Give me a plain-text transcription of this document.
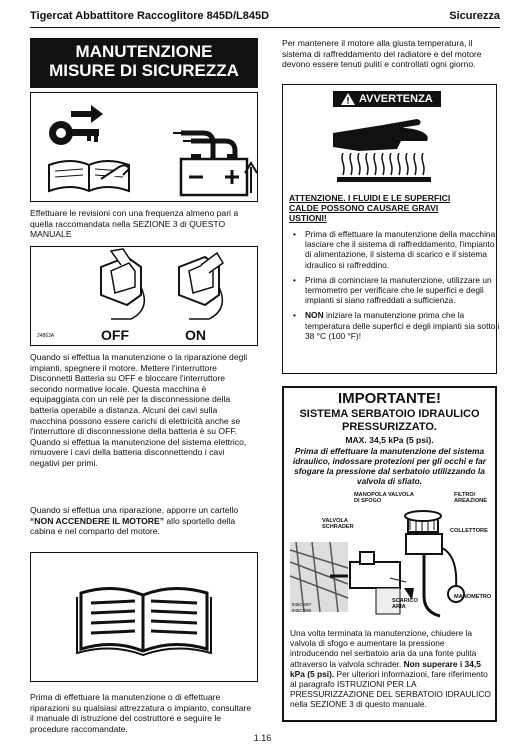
Tigercat Abbattitore Raccoglitore 845D/L845D	Sicurezza
MANUTENZIONE
MISURE DI SICUREZZA
Effettuare le revisioni con una frequenza almeno pari a quella raccomandata nella SEZIONE 3 di QUESTO MANUALE
24863A	OFF	ON
Quando si effettua la manutenzione o la riparazione degli impianti, spegnere il motore. Mettere l'interruttore Disconnetti Batteria su OFF e bloccare l'interruttore secondo normative locale. Questa macchina è equipaggiata con un relè per la disconnessione della batteria operabile a distanza. Alcuni dei cavi sulla macchina possono essere carichi di elettricità anche se l'interruttore di disconnessione della batteria è su OFF. Quando si effettua la manutenzione del sistema elettrico, rimuovere i cavi della batteria disconnettendo i cavi negativi per primi.
Quando si effettua una riparazione, apporre un cartello “NON ACCENDERE IL MOTORE” allo sportello della cabina e nel comparto del motore.
Prima di effettuare la manutenzione o di effettuare riparazioni su qualsiasi attrezzatura o impianto, consultare il manuale di istruzione del costruttore e seguire le procedure raccomandate.
Per mantenere il motore alla giusta temperatura, il sistema di raffreddamento del radiatore e del motore devono essere tenuti puliti e controllati ogni giorno.
AVVERTENZA
ATTENZIONE. I FLUIDI E LE SUPERFICI CALDE POSSONO CAUSARE GRAVI USTIONI!
• Prima di effettuare la manutenzione della macchina, lasciare che il sistema di raffreddamento, l'impianto di alimentazione, il sistema di scarico e il sistema idraulico si raffreddino.
• Prima di cominciare la manutenzione, utilizzare un termometro per verificare che le superfici e degli impianti si siano raffreddati a sufficienza.
• NON iniziare la manutenzione prima che la temperatura delle superfici e degli impianti sia sotto i 38 °C (100 °F)!
IMPORTANTE!
SISTEMA SERBATOIO IDRAULICO PRESSURIZZATO.
MAX. 34,5 kPa (5 psi).
Prima di effettuare la manutenzione del sistema idraulico, indossare protezioni per gli occhi e far sfogare la pressione dal serbatoio utilizzando la valvola di sfiato.
MANOPOLA VALVOLA DI SFOGO
FILTRO/ AREAZIONE
VALVOLA SCHRADER
COLLETTORE
MANOMETRO
SCARICO ARIA
845C-087 845C-086
Una volta terminata la manutenzione, chiudere la valvola di sfogo e aumentare la pressione introducendo nel serbatoio aria da una fonte pulita attraverso la valvola schrader. Non superare i 34,5 kPa (5 psi). Per ulteriori informazioni, fare riferimento al paragrafo ISTRUZIONI PER LA PRESSURIZZAZIONE DEL SERBATOIO IDRAULICO nella SEZIONE 3 di questo manuale.
1.16
